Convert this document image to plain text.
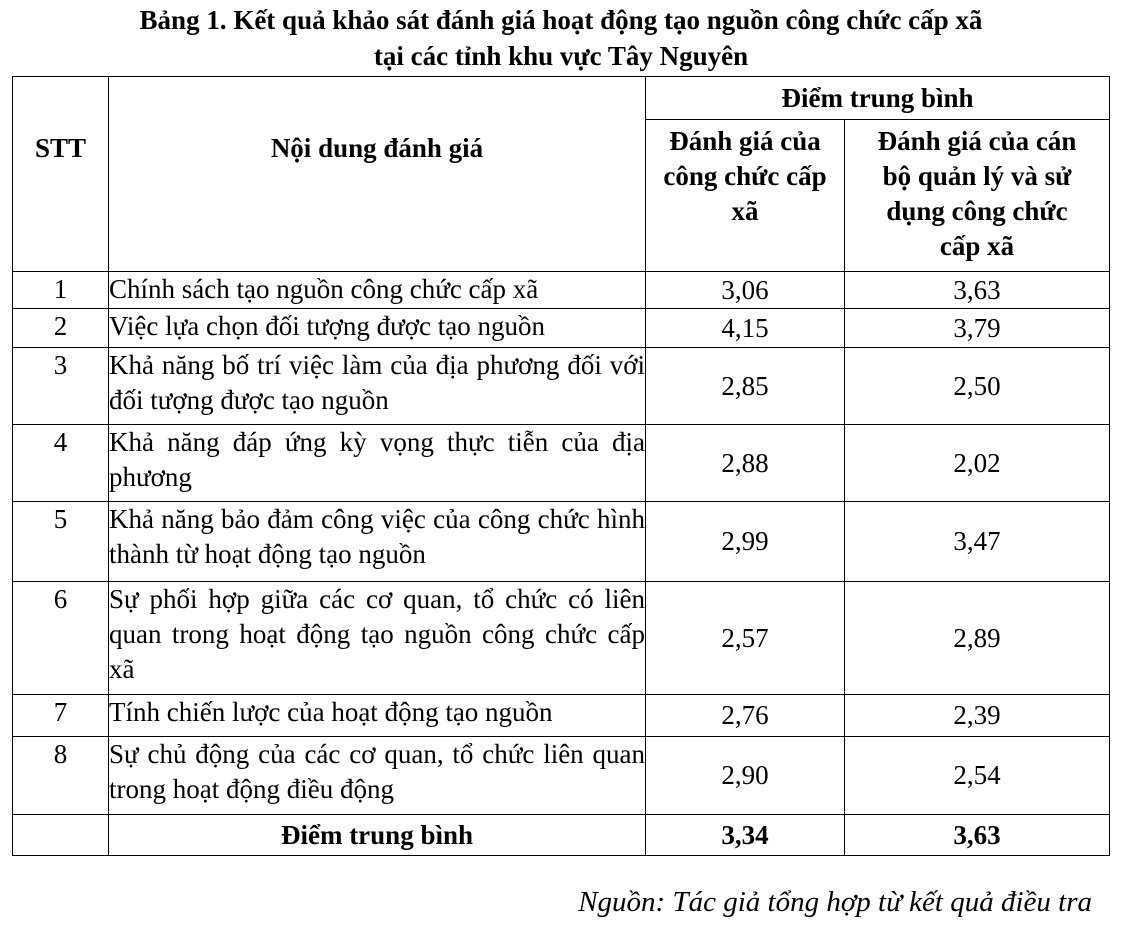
Bảng 1. Kết quả khảo sát đánh giá hoạt động tạo nguồn công chức cấp xã
tại các tỉnh khu vực Tây Nguyên
STT	Nội dung đánh giá	Điểm trung bình	
		Đánh giá của công chức cấp xã	Đánh giá của cán bộ quản lý và sử dụng công chức cấp xã
1	Chính sách tạo nguồn công chức cấp xã	3,06	3,63
2	Việc lựa chọn đối tượng được tạo nguồn	4,15	3,79
3	Khả năng bố trí việc làm của địa phương đối với đối tượng được tạo nguồn	2,85	2,50
4	Khả năng đáp ứng kỳ vọng thực tiễn của địa phương	2,88	2,02
5	Khả năng bảo đảm công việc của công chức hình thành từ hoạt động tạo nguồn	2,99	3,47
6	Sự phối hợp giữa các cơ quan, tổ chức có liên quan trong hoạt động tạo nguồn công chức cấp xã	2,57	2,89
7	Tính chiến lược của hoạt động tạo nguồn	2,76	2,39
8	Sự chủ động của các cơ quan, tổ chức liên quan trong hoạt động điều động	2,90	2,54
	Điểm trung bình	3,34	3,63
Nguồn: Tác giả tổng hợp từ kết quả điều tra
